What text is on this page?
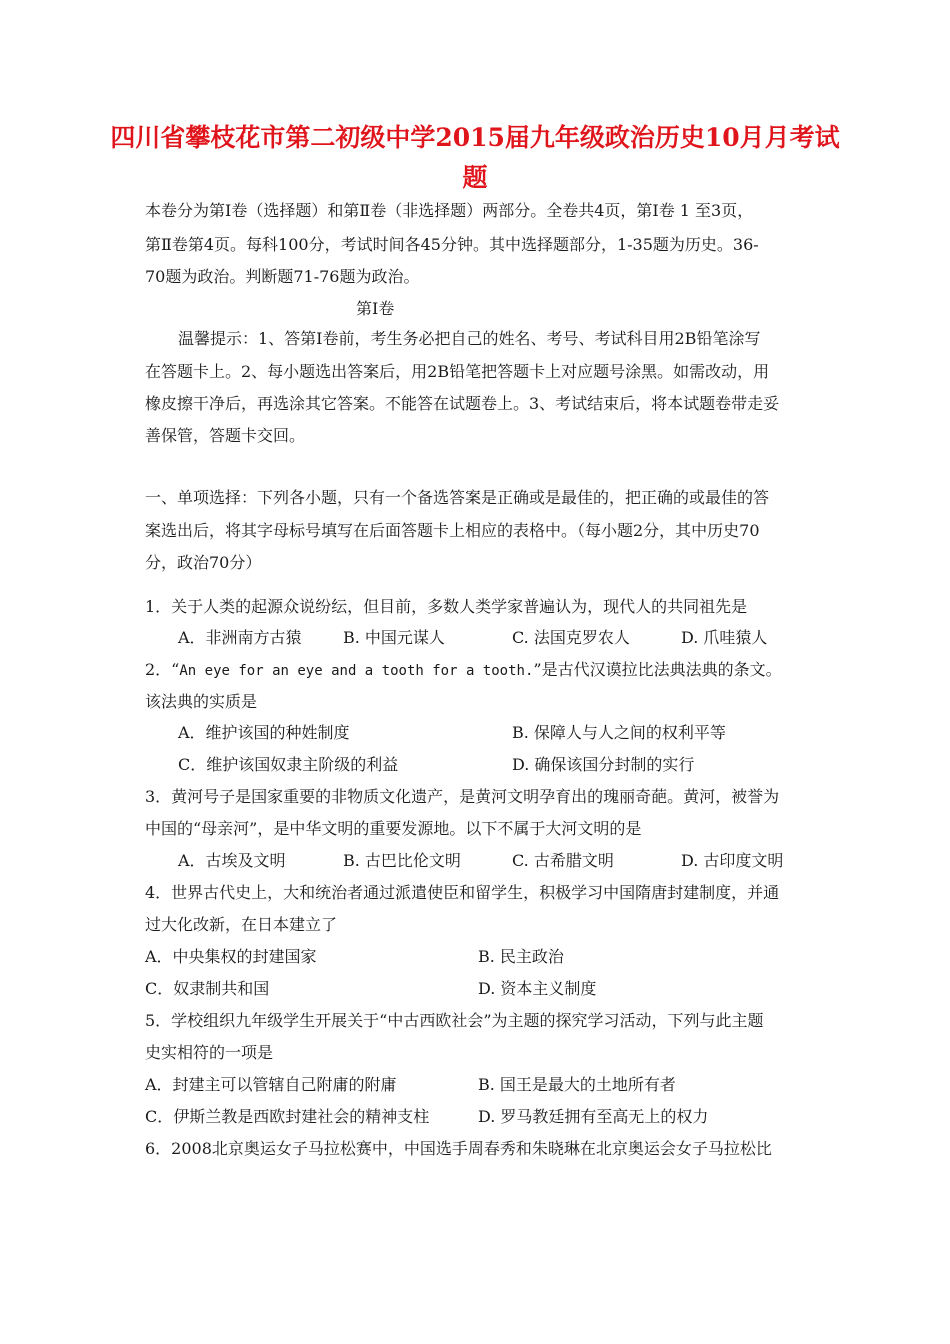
四川省攀枝花市第二初级中学2015届九年级政治历史10月月考试
题
本卷分为第Ⅰ卷（选择题）和第Ⅱ卷（非选择题）两部分。全卷共4页，第Ⅰ卷 1 至3页，
第Ⅱ卷第4页。每科100分，考试时间各45分钟。其中选择题部分，1-35题为历史。36-
70题为政治。判断题71-76题为政治。
第Ⅰ卷
温馨提示：1、答第Ⅰ卷前，考生务必把自己的姓名、考号、考试科目用2B铅笔涂写
在答题卡上。2、每小题选出答案后，用2B铅笔把答题卡上对应题号涂黑。如需改动，用
橡皮擦干净后，再选涂其它答案。不能答在试题卷上。3、考试结束后，将本试题卷带走妥
善保管，答题卡交回。
一、单项选择：下列各小题，只有一个备选答案是正确或是最佳的，把正确的或最佳的答
案选出后，将其字母标号填写在后面答题卡上相应的表格中。（每小题2分，其中历史70
分，政治70分）
1．关于人类的起源众说纷纭，但目前，多数人类学家普遍认为，现代人的共同祖先是
A．非洲南方古猿	B. 中国元谋人	C. 法国克罗农人	D. 爪哇猿人
2．“An eye for an eye and a tooth for a tooth.”是古代汉谟拉比法典法典的条文。
该法典的实质是
A．维护该国的种姓制度	B. 保障人与人之间的权利平等
C．维护该国奴隶主阶级的利益	D. 确保该国分封制的实行
3．黄河号子是国家重要的非物质文化遗产，是黄河文明孕育出的瑰丽奇葩。黄河，被誉为
中国的“母亲河”，是中华文明的重要发源地。以下不属于大河文明的是
A．古埃及文明	B. 古巴比伦文明	C. 古希腊文明	D. 古印度文明
4．世界古代史上，大和统治者通过派遣使臣和留学生，积极学习中国隋唐封建制度，并通
过大化改新，在日本建立了
A．中央集权的封建国家	B. 民主政治
C．奴隶制共和国	D. 资本主义制度
5．学校组织九年级学生开展关于“中古西欧社会”为主题的探究学习活动，下列与此主题
史实相符的一项是
A．封建主可以管辖自己附庸的附庸	B. 国王是最大的土地所有者
C．伊斯兰教是西欧封建社会的精神支柱	D. 罗马教廷拥有至高无上的权力
6．2008北京奥运女子马拉松赛中，中国选手周春秀和朱晓琳在北京奥运会女子马拉松比
